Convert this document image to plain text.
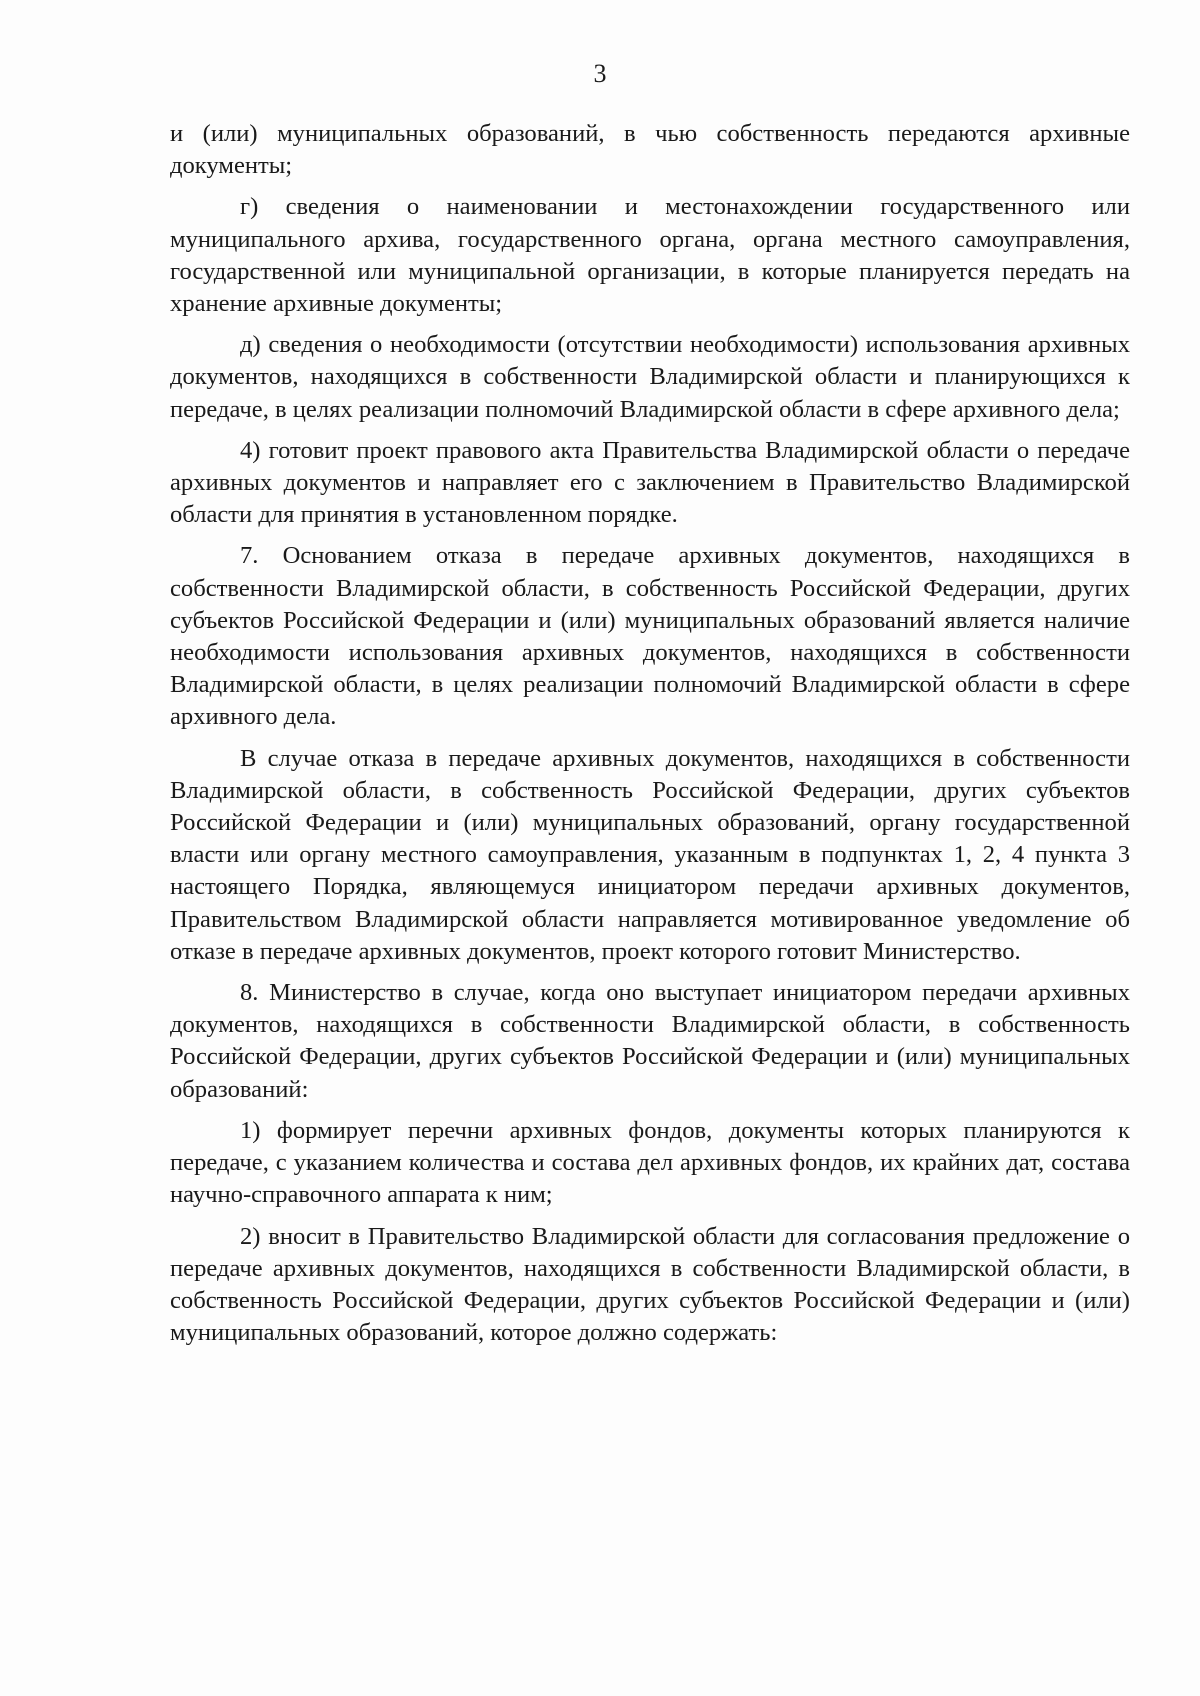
3

и (или) муниципальных образований, в чью собственность передаются архивные документы;

г) сведения о наименовании и местонахождении государственного или муниципального архива, государственного органа, органа местного самоуправления, государственной или муниципальной организации, в которые планируется передать на хранение архивные документы;

д) сведения о необходимости (отсутствии необходимости) использования архивных документов, находящихся в собственности Владимирской области и планирующихся к передаче, в целях реализации полномочий Владимирской области в сфере архивного дела;

4) готовит проект правового акта Правительства Владимирской области о передаче архивных документов и направляет его с заключением в Правительство Владимирской области для принятия в установленном порядке.

7. Основанием отказа в передаче архивных документов, находящихся в собственности Владимирской области, в собственность Российской Федерации, других субъектов Российской Федерации и (или) муниципальных образований является наличие необходимости использования архивных документов, находящихся в собственности Владимирской области, в целях реализации полномочий Владимирской области в сфере архивного дела.

В случае отказа в передаче архивных документов, находящихся в собственности Владимирской области, в собственность Российской Федерации, других субъектов Российской Федерации и (или) муниципальных образований, органу государственной власти или органу местного самоуправления, указанным в подпунктах 1, 2, 4 пункта 3 настоящего Порядка, являющемуся инициатором передачи архивных документов, Правительством Владимирской области направляется мотивированное уведомление об отказе в передаче архивных документов, проект которого готовит Министерство.

8. Министерство в случае, когда оно выступает инициатором передачи архивных документов, находящихся в собственности Владимирской области, в собственность Российской Федерации, других субъектов Российской Федерации и (или) муниципальных образований:

1) формирует перечни архивных фондов, документы которых планируются к передаче, с указанием количества и состава дел архивных фондов, их крайних дат, состава научно-справочного аппарата к ним;

2) вносит в Правительство Владимирской области для согласования предложение о передаче архивных документов, находящихся в собственности Владимирской области, в собственность Российской Федерации, других субъектов Российской Федерации и (или) муниципальных образований, которое должно содержать:
